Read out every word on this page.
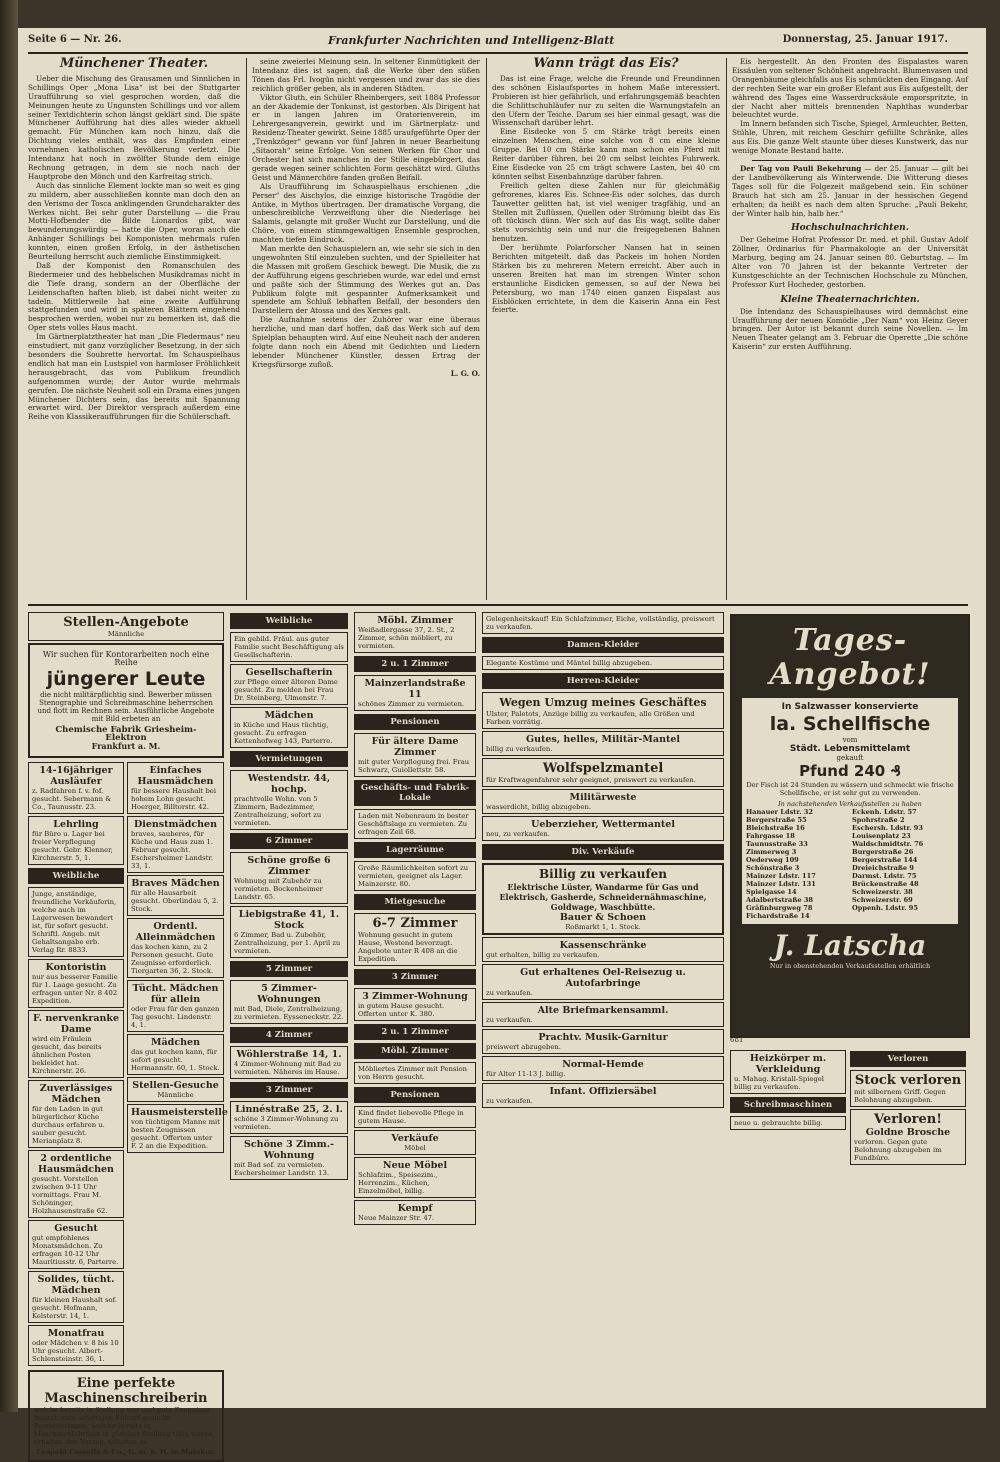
Seite 6 — Nr. 26.	Frankfurter Nachrichten und Intelligenz-Blatt	Donnerstag, 25. Januar 1917.
Münchener Theater.

Ueber die Mischung des Grausamen und Sinnlichen in Schillings Oper „Mona Lisa“ ist bei der Stuttgarter Uraufführung so viel gesprochen worden, daß die Meinungen heute zu Ungunsten Schillings und vor allem seiner Textdichterin schon längst geklärt sind. Die späte Münchener Aufführung hat dies alles wieder aktuell gemacht. Für München kam noch hinzu, daß die Dichtung vieles enthält, was das Empfinden einer vornehmen katholischen Bevölkerung verletzt. Die Intendanz hat noch in zwölfter Stunde dem einige Rechnung getragen, in dem sie noch nach der Hauptprobe den Mönch und den Karfreitag strich.

Auch das sinnliche Element lockte man so weit es ging zu mildern, aber ausschließen konnte man doch den an den Verismo der Tosca anklingenden Grundcharakter des Werkes nicht. Bei sehr guter Darstellung — die Frau Motti-Hofbender die Bilde Lionardos gibt, war bewunderungswürdig — hatte die Oper, woran auch die Anhänger Schillings bei Komponisten mehrmals rufen konnten, einen großen Erfolg, in der ästhetischen Beurteilung herrscht auch ziemliche Einstimmigkeit.

Daß der Komponist den Romanschulen des Biedermeier und des hebbelschen Musikdramas nicht in die Tiefe drang, sondern an der Oberfläche der Leidenschaften haften blieb, ist dabei nicht weiter zu tadeln. Mittlerweile hat eine zweite Aufführung stattgefunden und wird in späteren Blättern eingehend besprochen werden, wobei nur zu bemerken ist, daß die Oper stets volles Haus macht.

Im Gärtnerplatztheater hat man „Die Fledermaus“ neu einstudiert, mit ganz vorzüglicher Besetzung, in der sich besonders die Soubrette hervortat. Im Schauspielhaus endlich hat man ein Lustspiel von harmloser Fröhlichkeit herausgebracht, das vom Publikum freundlich aufgenommen wurde; der Autor wurde mehrmals gerufen. Die nächste Neuheit soll ein Drama eines jungen Münchener Dichters sein, das bereits mit Spannung erwartet wird. Der Direktor versprach außerdem eine Reihe von Klassikeraufführungen für die Schülerschaft.

seine zweierlei Meinung sein. In seltener Einmütigkeit der Intendanz dies ist sagen, daß die Werke über den süßen Tönen das Frl. Ivogün nicht vergessen und zwar das sie dies reichlich größer geben, als in anderen Städten.

Viktor Gluth, ein Schüler Rheinbergers, seit 1884 Professor an der Akademie der Tonkunst, ist gestorben. Als Dirigent hat er in langen Jahren im Oratorienverein, im Lehrergesangverein, gewirkt und im Gärtnerplatz- und Residenz-Theater gewirkt. Seine 1885 uraufgeführte Oper der „Trenkzöger“ gewann vor fünf Jahren in neuer Bearbeitung „Sitaorah“ seine Erfolge. Von seinen Werken für Chor und Orchester hat sich manches in der Stille eingebürgert, das gerade wegen seiner schlichten Form geschätzt wird. Gluths Geist und Männerchöre fanden großen Beifall.

Als Uraufführung im Schauspielhaus erschienen „die Perser“ des Aischylos, die einzige historische Tragödie der Antike, in Mythos übertragen. Der dramatische Vorgang, die unbeschreibliche Verzweiflung über die Niederlage bei Salamis, gelangte mit großer Wucht zur Darstellung, und die Chöre, von einem stimmgewaltigen Ensemble gesprochen, machten tiefen Eindruck.

Man merkte den Schauspielern an, wie sehr sie sich in den ungewohnten Stil einzuleben suchten, und der Spielleiter hat die Massen mit großem Geschick bewegt. Die Musik, die zu der Aufführung eigens geschrieben wurde, war edel und ernst und paßte sich der Stimmung des Werkes gut an. Das Publikum folgte mit gespannter Aufmerksamkeit und spendete am Schluß lebhaften Beifall, der besonders den Darstellern der Atossa und des Xerxes galt.

Die Aufnahme seitens der Zuhörer war eine überaus herzliche, und man darf hoffen, daß das Werk sich auf dem Spielplan behaupten wird. Auf eine Neuheit nach der anderen folgte dann noch ein Abend mit Gedichten und Liedern lebender Münchener Künstler, dessen Ertrag der Kriegsfürsorge zufloß.

L. G. O.
Wann trägt das Eis?

Das ist eine Frage, welche die Freunde und Freundinnen des schönen Eislaufsportes in hohem Maße interessiert. Probieren ist hier gefährlich, und erfahrungsgemäß beachten die Schlittschuhläufer nur zu selten die Warnungstafeln an den Ufern der Teiche. Darum sei hier einmal gesagt, was die Wissenschaft darüber lehrt.

Eine Eisdecke von 5 cm Stärke trägt bereits einen einzelnen Menschen, eine solche von 8 cm eine kleine Gruppe. Bei 10 cm Stärke kann man schon ein Pferd mit Reiter darüber führen, bei 20 cm selbst leichtes Fuhrwerk. Eine Eisdecke von 25 cm trägt schwere Lasten, bei 40 cm könnten selbst Eisenbahnzüge darüber fahren.

Freilich gelten diese Zahlen nur für gleichmäßig gefrorenes, klares Eis. Schnee-Eis oder solches, das durch Tauwetter gelitten hat, ist viel weniger tragfähig, und an Stellen mit Zuflüssen, Quellen oder Strömung bleibt das Eis oft tückisch dünn. Wer sich auf das Eis wagt, sollte daher stets vorsichtig sein und nur die freigegebenen Bahnen benutzen.

Der berühmte Polarforscher Nansen hat in seinen Berichten mitgeteilt, daß das Packeis im hohen Norden Stärken bis zu mehreren Metern erreicht. Aber auch in unseren Breiten hat man im strengen Winter schon erstaunliche Eisdicken gemessen, so auf der Newa bei Petersburg, wo man 1740 einen ganzen Eispalast aus Eisblöcken errichtete, in dem die Kaiserin Anna ein Fest feierte.

Eis hergestellt. An den Fronten des Eispalastes waren Eissäulen von seltener Schönheit angebracht. Blumenvasen und Orangenbäume gleichfalls aus Eis schmückten den Eingang. Auf der rechten Seite war ein großer Elefant aus Eis aufgestellt, der während des Tages eine Wasserdrucksäule emporspritzte, in der Nacht aber mittels brennenden Naphthas wunderbar beleuchtet wurde.

Im Innern befanden sich Tische, Spiegel, Armleuchter, Betten, Stühle, Uhren, mit reichem Geschirr gefüllte Schränke, alles aus Eis. Die ganze Welt staunte über dieses Kunstwerk, das nur wenige Monate Bestand hatte.

Der Tag von Pauli Bekehrung — der 25. Januar — gilt bei der Landbevölkerung als Winterwende. Die Witterung dieses Tages soll für die Folgezeit maßgebend sein. Ein schöner Brauch hat sich am 25. Januar in der hessischen Gegend erhalten; da heißt es nach dem alten Spruche: „Pauli Bekehr, der Winter halb hin, halb her.“

Hochschulnachrichten.

Der Geheime Hofrat Professor Dr. med. et phil. Gustav Adolf Zöllner, Ordinarius für Pharmakologie an der Universität Marburg, beging am 24. Januar seinen 80. Geburtstag. — Im Alter von 70 Jahren ist der bekannte Vertreter der Kunstgeschichte an der Technischen Hochschule zu München, Professor Kurt Hocheder, gestorben.

Kleine Theaternachrichten.

Die Intendanz des Schauspielhauses wird demnächst eine Uraufführung der neuen Komödie „Der Nam“ von Heinz Geyer bringen. Der Autor ist bekannt durch seine Novellen. — Im Neuen Theater gelangt am 3. Februar die Operette „Die schöne Kaiserin“ zur ersten Aufführung.

Stellen-Angebote
Männliche
Wir suchen für Kontorarbeiten noch eine Reihe
jüngerer Leute
die nicht militärpflichtig sind. Bewerber müssen Stenographie und Schreibmaschine beherrschen und flott im Rechnen sein. Ausführliche Angebote mit Bild erbeten an
Chemische Fabrik Griesheim-Elektron
Frankfurt a. M.
14-16jähriger Ausläufer
z. Radfahren f. v. fof. gesucht. Sebermann & Co., Taunusstr. 23.
Lehrling
für Büro u. Lager bei freier Verpflegung gesucht. Gebr. Klenner, Kirchnerstr. 5, 1.
Weibliche
Junge, anständige, freundliche Verkäuferin, welche auch im Lagerwesen bewandert ist, für sofort gesucht. Schriftl. Angeb. mit Gehaltsangabe erb. Verlag Rr. 8833.
Kontoristin
nur aus besserer Familie für 1. Laage gesucht. Zu erfragen unter Nr. 8 402 Expedition.
F. nervenkranke Dame
wird ein Fräulein gesucht, das bereits ähnlichen Posten bekleidet hat. Kirchnerstr. 26.
Zuverlässiges Mädchen
für den Laden in gut bürgerlicher Küche durchaus erfahren u. sauber gesucht. Merianplatz 8.
2 ordentliche Hausmädchen
gesucht. Vorstellen zwischen 9-11 Uhr vormittags. Frau M. Schöninger, Holzhausenstraße 62.
Gesucht
gut empfohlenes Monatsmädchen. Zu erfragen 10-12 Uhr Mauritiusstr. 6, Parterre.
Solides, tücht. Mädchen
für kleinen Haushalt sof. gesucht. Hofmann, Kelsterstr. 14, 1.
Monatfrau
oder Mädchen v. 8 bis 10 Uhr gesucht. Albert-Schlensteinstr. 36, 1.
Einfaches Hausmädchen
für bessere Haushalt bei hohem Lohn gesucht. Hoerger, Billtorstr. 42.
Dienstmädchen
braves, sauberes, für Küche und Haus zum 1. Februar gesucht. Eschersheimer Landstr. 33, 1.
Braves Mädchen
für alle Hausarbeit gesucht. Oberlindau 5, 2. Stock.
Ordentl. Alleinmädchen
das kochen kann, zu 2 Personen gesucht. Gute Zeugnisse erforderlich. Tiergarten 36, 2. Stock.
Tücht. Mädchen für allein
oder Frau für den ganzen Tag gesucht. Lindenstr. 4, 1.
Mädchen
das gut kochen kann, für sofort gesucht. Hermannstr. 60, 1. Stock.
Stellen-Gesuche
Männliche
Hausmeisterstelle
von tüchtigem Manne mit besten Zeugnissen gesucht. Offerten unter F. 2 an die Expedition.
Eine perfekte Maschinenschreiberin
welche bereits in Stellung war und gute Zeugnisse besitzt, zum sofortigen Eintritt gesucht. Bewerberinnen, welche bereits in Maschinenfabriken in gleicher Stellung tätig waren, erhalten den Vorzug. Offerten an
Leopold Cassella & Co., G. m. b. H. in Mainkur.
Weibliche
Ein gebild. Fräul. aus guter Familie sucht Beschäftigung als Gesellschafterin.
Gesellschafterin
zur Pflege einer älteren Dame gesucht. Zu melden bei Frau Dr. Steinberg, Ulmenstr. 7.
Mädchen
in Küche und Haus tüchtig, gesucht. Zu erfragen Kettenhofweg 143, Parterre.
Vermietungen
Westendstr. 44, hochp.
prachtvolle Wohn. von 5 Zimmern, Badezimmer, Zentralheizung, sofort zu vermieten.
6 Zimmer
Schöne große 6 Zimmer
Wohnung mit Zubehör zu vermieten. Bockenheimer Landstr. 65.
Liebigstraße 41, 1. Stock
6 Zimmer, Bad u. Zubehör, Zentralheizung, per 1. April zu vermieten.
5 Zimmer
5 Zimmer-Wohnungen
mit Bad, Diele, Zentralheizung, zu vermieten. Eysseneckstr. 22.
4 Zimmer
Wöhlerstraße 14, 1.
4 Zimmer-Wohnung mit Bad zu vermieten. Näheres im Hause.
3 Zimmer
Linnéstraße 25, 2. l.
schöne 3 Zimmer-Wohnung zu vermieten.
Schöne 3 Zimm.-Wohnung
mit Bad sof. zu vermieten. Eschersheimer Landstr. 13.
Möbl. Zimmer
Weißadlergasse 37, 2. St., 2 Zimmer, schön möbliert, zu vermieten.
2 u. 1 Zimmer
Mainzerlandstraße 11
schönes Zimmer zu vermieten.
Pensionen
Für ältere Dame Zimmer
mit guter Verpflegung frei. Frau Schwarz, Guiollettstr. 58.
Geschäfts- und Fabrik-Lokale
Laden mit Nebenraum in bester Geschäftslage zu vermieten. Zu erfragen Zeil 68.
Lagerräume
Große Räumlichkeiten sofort zu vermieten, geeignet als Lager. Mainzerstr. 80.
Mietgesuche
6-7 Zimmer
Wohnung gesucht in gutem Hause, Westend bevorzugt. Angebote unter R 408 an die Expedition.
3 Zimmer
3 Zimmer-Wohnung
in gutem Hause gesucht. Offerten unter K. 380.
2 u. 1 Zimmer
Möbl. Zimmer
Möbliertes Zimmer mit Pension von Herrn gesucht.
Pensionen
Kind findet liebevolle Pflege in gutem Hause.
Verkäufe
Möbel
Neue Möbel
Schlafzim., Speisezim., Herrenzim., Küchen, Einzelmöbel, billig.
Kempf
Neue Mainzer Str. 47.
Gelegenheitskauf! Ein Schlafzimmer, Eiche, vollständig, preiswert zu verkaufen.
Damen-Kleider
Elegante Kostüme und Mäntel billig abzugeben.
Herren-Kleider
Wegen Umzug meines Geschäftes
Ulster, Paletots, Anzüge billig zu verkaufen, alle Größen und Farben vorrätig.
Gutes, helles, Militär-Mantel
billig zu verkaufen.
Wolfspelzmantel
für Kraftwagenfahrer sehr geeignet, preiswert zu verkaufen.
Militärweste
wasserdicht, billig abzugeben.
Ueberzieher, Wettermantel
neu, zu verkaufen.
Div. Verkäufe
Billig zu verkaufen
Elektrische Lüster, Wandarme für Gas und Elektrisch, Gasherde, Schneidernähmaschine, Goldwage, Waschbütte.
Bauer & Schoen
Roßmarkt 1, 1. Stock.
Kassenschränke
gut erhalten, billig zu verkaufen.
Gut erhaltenes Oel-Reisezug u. Autofarbringe
zu verkaufen.
Alte Briefmarkensamml.
zu verkaufen.
Prachtv. Musik-Garnitur
preiswert abzugeben.
Normal-Hemde
für Alter 11-13 J. billig.
Infant. Offiziersäbel
zu verkaufen.
Tages-Angebot!
In Salzwasser konservierte
la. Schellfische
vom
Städt. Lebensmittelamt
gekauft
Pfund 240 ₰
Der Fisch ist 24 Stunden zu wässern und schmeckt wie frische Schellfische, er ist sehr gut zu verwenden.
In nachstehenden Verkaufsstellen zu haben
Hanauer Ldstr. 32	Eckenh. Ldstr. 57
Bergerstraße 55	Spohrstraße 2
Bleichstraße 16	Eschersh. Ldstr. 93
Fahrgasse 18	Louisenplatz 23
Taunusstraße 33	Waldschmidtstr. 76
Zimmerweg 3	Burgerstraße 26
Oederweg 109	Bergerstraße 144
Schönstraße 3	Dreieichstraße 9
Mainzer Ldstr. 117	Darmst. Ldstr. 75
Mainzer Ldstr. 131	Brückenstraße 48
Spielgasse 14	Schweizerstr. 38
Adalbertstraße 38	Schweizerstr. 69
Gräfinburgweg 78	Oppenh. Ldstr. 95
Fichardstraße 14
J. Latscha
Nur in obenstehenden Verkaufsstellen erhältlich
681
Heizkörper m. Verkleidung
u. Mahag. Kristall-Spiegel billig zu verkaufen.
Schreibmaschinen
neue u. gebrauchte billig.
Verloren
Stock verloren
mit silbernem Griff. Gegen Belohnung abzugeben.
Verloren!
Goldne Brosche
verloren. Gegen gute Belohnung abzugeben im Fundbüro.
